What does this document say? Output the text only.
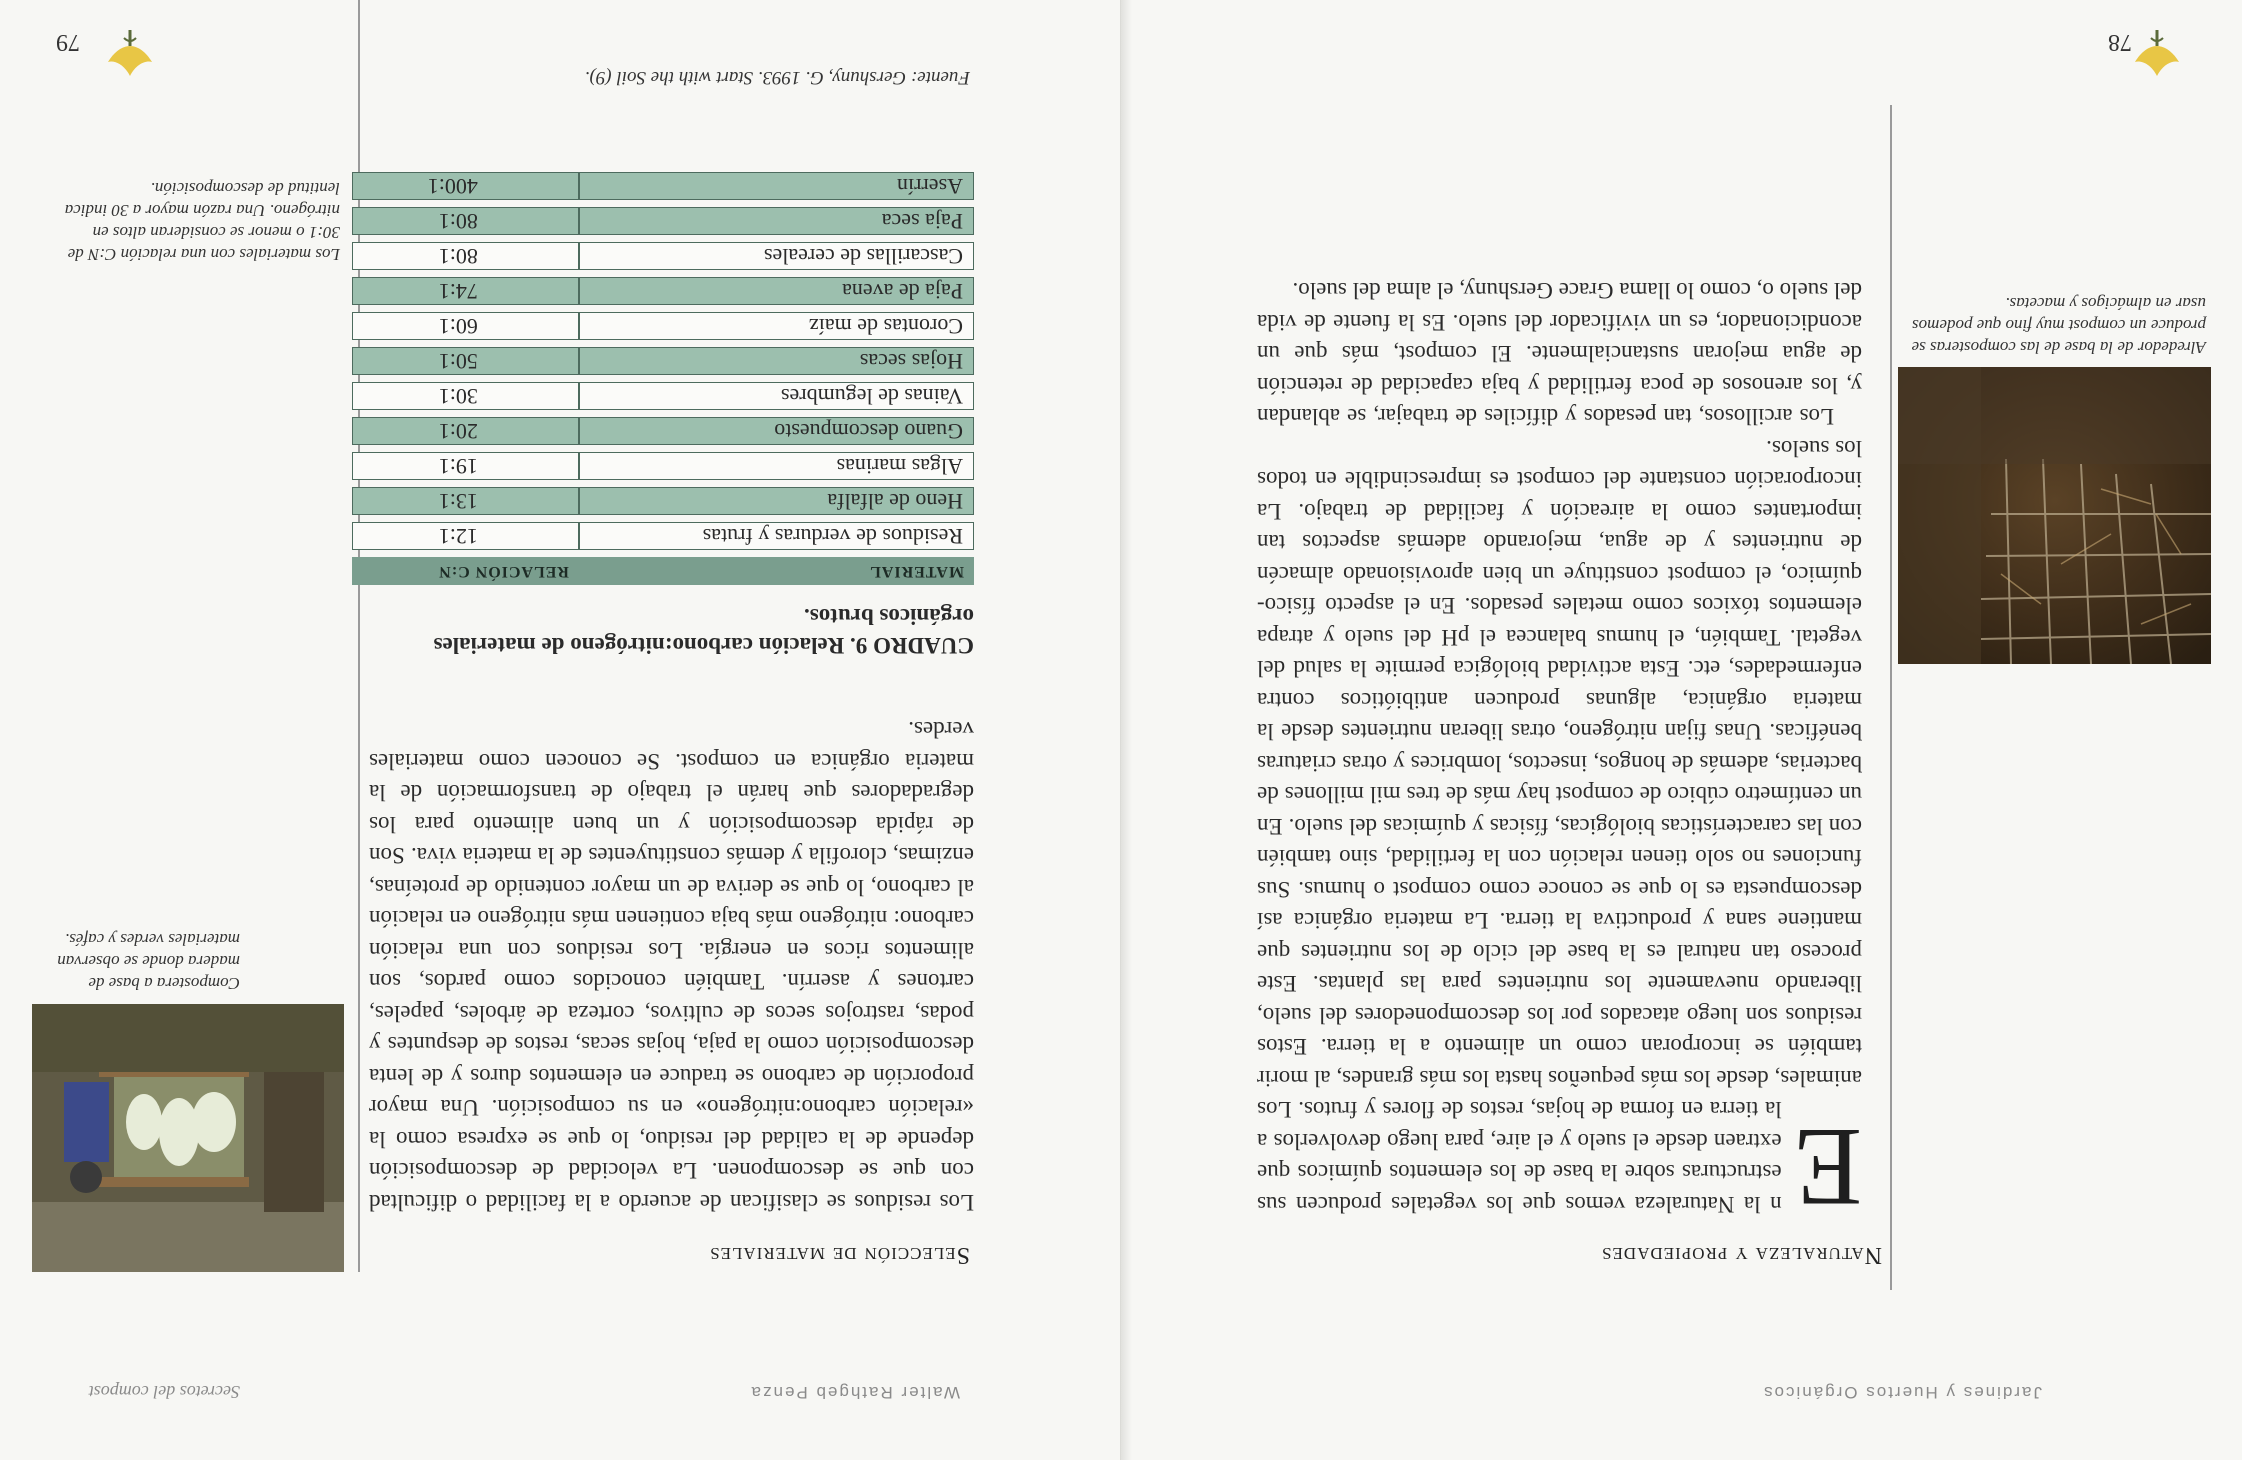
Jardines y Huertos Orgánicos
Naturaleza y propiedades

E
n la Naturaleza vemos que los vegetales producen sus estructuras sobre la base de los elementos químicos que extraen desde el suelo y el aire, para luego devolverlos a la tierra en forma de hojas, restos de flores y frutos. Los animales, desde los más pequeños hasta los más grandes, al morir también se incorporan como un alimento a la tierra. Estos residuos son luego atacados por los descomponedores del suelo, liberando nuevamente los nutrientes para las plantas. Este proceso tan natural es la base del ciclo de los nutrientes que mantiene sana y productiva la tierra. La materia orgánica así descompuesta es lo que se conoce como compost o humus. Sus funciones no solo tienen relación con la fertilidad, sino también con las características biológicas, físicas y químicas del suelo. En un centímetro cúbico de compost hay más de tres mil millones de bacterias, además de hongos, insectos, lombrices y otras criaturas benéficas. Unas fijan nitrógeno, otras liberan nutrientes desde la materia orgánica, algunas producen antibióticos contra enfermedades, etc. Esta actividad biológica permite la salud del vegetal. También, el humus balancea el pH del suelo y atrapa elementos tóxicos como metales pesados. En el aspecto físico-químico, el compost constituye un bien aprovisionado almacén de nutrientes y de agua, mejorando además aspectos tan importantes como la aireación y facilidad de trabajo. La incorporación constante del compost es imprescindible en todos los suelos.

Los arcillosos, tan pesados y difíciles de trabajar, se ablandan y, los arenosos de poca fertilidad y baja capacidad de retención de agua mejoran sustancialmente. El compost, más que un acondicionador, es un vivificador del suelo. Es la fuente de vida del suelo o, como lo llama Grace Gershuny, el alma del suelo.

Alrededor de la base de las composteras se produce un compost muy fino que podemos usar en almácigos y macetas.
78
Walter Rathgeb Penza
Secretos del compost
Selección de materiales

Los residuos se clasifican de acuerdo a la facilidad o dificultad con que se descomponen. La velocidad de descomposición depende de la calidad del residuo, lo que se expresa como la «relación carbono:nitrógeno» en su composición. Una mayor proporción de carbono se traduce en elementos duros y de lenta descomposición como la paja, hojas secas, restos de despuntes y podas, rastrojos secos de cultivos, corteza de árboles, papeles, cartones y aserrín. También conocidos como pardos, son alimentos ricos en energía. Los residuos con una relación carbono: nitrógeno más baja contienen más nitrógeno en relación al carbono, lo que se deriva de un mayor contenido de proteínas, enzimas, clorofila y demás constituyentes de la materia viva. Son de rápida descomposición y un buen alimento para los degradadores que harán el trabajo de transformación de la materia orgánica en compost. Se conocen como materiales verdes.

CUADRO 9. Relación carbono:nitrógeno de materiales orgánicos brutos.
MATERIAL	RELACIÓN C:N
Residuos de verduras y frutas	12:1
Heno de alfalfa	13:1
Algas marinas	19:1
Guano descompuesto	20:1
Vainas de legumbres	30:1
Hojas secas	50:1
Corontas de maíz	60:1
Paja de avena	74:1
Cascarillas de cereales	80:1
Paja seca	80:1
Aserrín	400:1
Fuente: Gershuny, G. 1993. Start with the Soil (9).
Compostera a base de madera donde se observan materiales verdes y cafés.
Los materiales con una relación C:N de 30:1 o menor se consideran altos en nitrógeno. Una razón mayor a 30 indica lentitud de descomposición.
79
